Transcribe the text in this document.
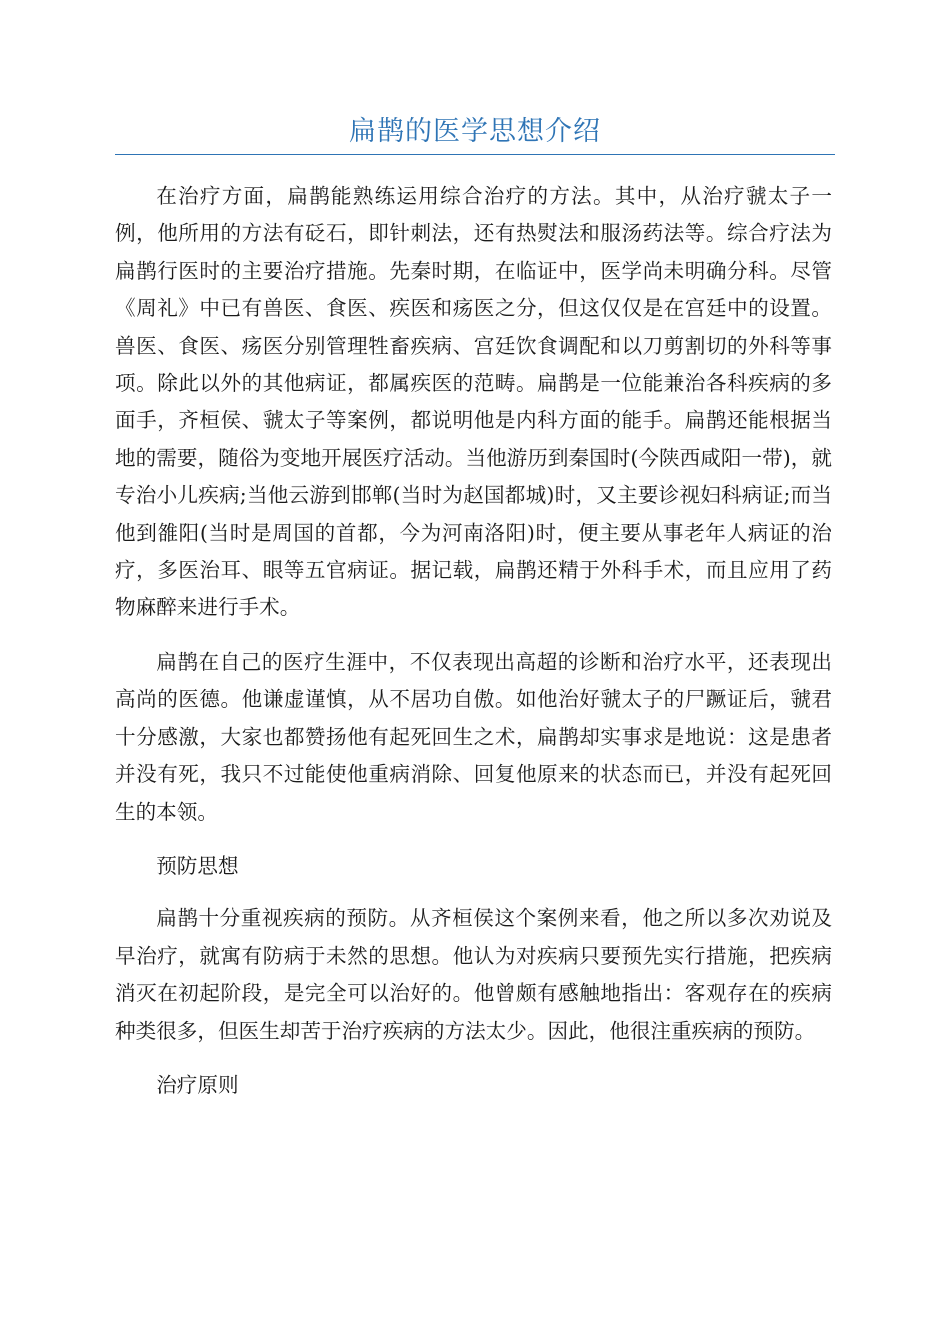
扁鹊的医学思想介绍

在治疗方面，扁鹊能熟练运用综合治疗的方法。其中，从治疗虢太子一例，他所用的方法有砭石，即针刺法，还有热熨法和服汤药法等。综合疗法为扁鹊行医时的主要治疗措施。先秦时期，在临证中，医学尚未明确分科。尽管《周礼》中已有兽医、食医、疾医和疡医之分，但这仅仅是在宫廷中的设置。兽医、食医、疡医分别管理牲畜疾病、宫廷饮食调配和以刀剪割切的外科等事项。除此以外的其他病证，都属疾医的范畴。扁鹊是一位能兼治各科疾病的多面手，齐桓侯、虢太子等案例，都说明他是内科方面的能手。扁鹊还能根据当地的需要，随俗为变地开展医疗活动。当他游历到秦国时(今陕西咸阳一带)，就专治小儿疾病;当他云游到邯郸(当时为赵国都城)时，又主要诊视妇科病证;而当他到雒阳(当时是周国的首都，今为河南洛阳)时，便主要从事老年人病证的治疗，多医治耳、眼等五官病证。据记载，扁鹊还精于外科手术，而且应用了药物麻醉来进行手术。

扁鹊在自己的医疗生涯中，不仅表现出高超的诊断和治疗水平，还表现出高尚的医德。他谦虚谨慎，从不居功自傲。如他治好虢太子的尸蹶证后，虢君十分感激，大家也都赞扬他有起死回生之术，扁鹊却实事求是地说：这是患者并没有死，我只不过能使他重病消除、回复他原来的状态而已，并没有起死回生的本领。

预防思想

扁鹊十分重视疾病的预防。从齐桓侯这个案例来看，他之所以多次劝说及早治疗，就寓有防病于未然的思想。他认为对疾病只要预先实行措施，把疾病消灭在初起阶段，是完全可以治好的。他曾颇有感触地指出：客观存在的疾病种类很多，但医生却苦于治疗疾病的方法太少。因此，他很注重疾病的预防。

治疗原则
